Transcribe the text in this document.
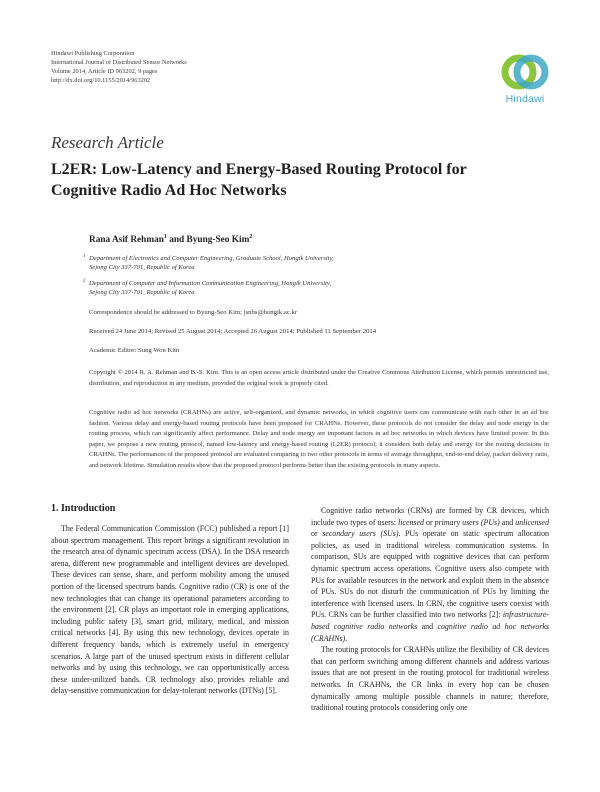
Hindawi Publishing Corporation
International Journal of Distributed Sensor Networks
Volume 2014, Article ID 963202, 9 pages
http://dx.doi.org/10.1155/2014/963202
Hindawi
Research Article
L2ER: Low-Latency and Energy-Based Routing Protocol for
Cognitive Radio Ad Hoc Networks
Rana Asif Rehman$^1$ and Byung-Seo Kim$^2$
1 Department of Electronics and Computer Engineering, Graduate School, Hongik University,
Sejong City 337-701, Republic of Korea
2 Department of Computer and Information Communication Engineering, Hongik University,
Sejong City 337-701, Republic of Korea
Correspondence should be addressed to Byung-Seo Kim; jsnbs@hongik.ac.kr
Received 24 June 2014; Revised 25 August 2014; Accepted 26 August 2014; Published 11 September 2014
Academic Editor: Sung Won Kim
Copyright © 2014 R. A. Rehman and B.-S. Kim. This is an open access article distributed under the Creative Commons Attribution License, which permits unrestricted use, distribution, and reproduction in any medium, provided the original work is properly cited.
Cognitive radio ad hoc networks (CRAHNs) are active, self-organized, and dynamic networks, in which cognitive users can communicate with each other in an ad hoc fashion. Various delay and energy-based routing protocols have been proposed for CRAHNs. However, these protocols do not consider the delay and node energy in the routing process, which can significantly affect performance. Delay and node energy are important factors in ad hoc networks in which devices have limited power. In this paper, we propose a new routing protocol, named low-latency and energy-based routing (L2ER) protocol; it considers both delay and energy for the routing decisions in CRAHNs. The performances of the proposed protocol are evaluated comparing to two other protocols in terms of average throughput, end-to-end delay, packet delivery ratio, and network lifetime. Simulation results show that the proposed protocol performs better than the existing protocols in many aspects.
1. Introduction

The Federal Communication Commission (FCC) published a report [1] about spectrum management. This report brings a significant revolution in the research area of dynamic spectrum access (DSA). In the DSA research arena, different new programmable and intelligent devices are developed. These devices can sense, share, and perform mobility among the unused portion of the licensed spectrum bands. Cognitive radio (CR) is one of the new technologies that can change its operational parameters according to the environment [2]. CR plays an important role in emerging applications, including public safety [3], smart grid, military, medical, and mission critical networks [4]. By using this new technology, devices operate in different frequency bands, which is extremely useful in emergency scenarios. A large part of the unused spectrum exists in different cellular networks and by using this technology, we can opportunistically access these under-utilized bands. CR technology also provides reliable and delay-sensitive communication for delay-tolerant networks (DTNs) [5].

Cognitive radio networks (CRNs) are formed by CR devices, which include two types of users: licensed or primary users (PUs) and unlicensed or secondary users (SUs). PUs operate on static spectrum allocation policies, as used in traditional wireless communication systems. In comparison, SUs are equipped with cognitive devices that can perform dynamic spectrum access operations. Cognitive users also compete with PUs for available resources in the network and exploit them in the absence of PUs. SUs do not disturb the communication of PUs by limiting the interference with licensed users. In CRN, the cognitive users coexist with PUs. CRNs can be further classified into two networks [2]: infrastructure-based cognitive radio networks and cognitive radio ad hoc networks (CRAHNs).

The routing protocols for CRAHNs utilize the flexibility of CR devices that can perform switching among different channels and address various issues that are not present in the routing protocol for traditional wireless networks. In CRAHNs, the CR links in every hop can be chosen dynamically among multiple possible channels in nature; therefore, traditional routing protocols considering only one
